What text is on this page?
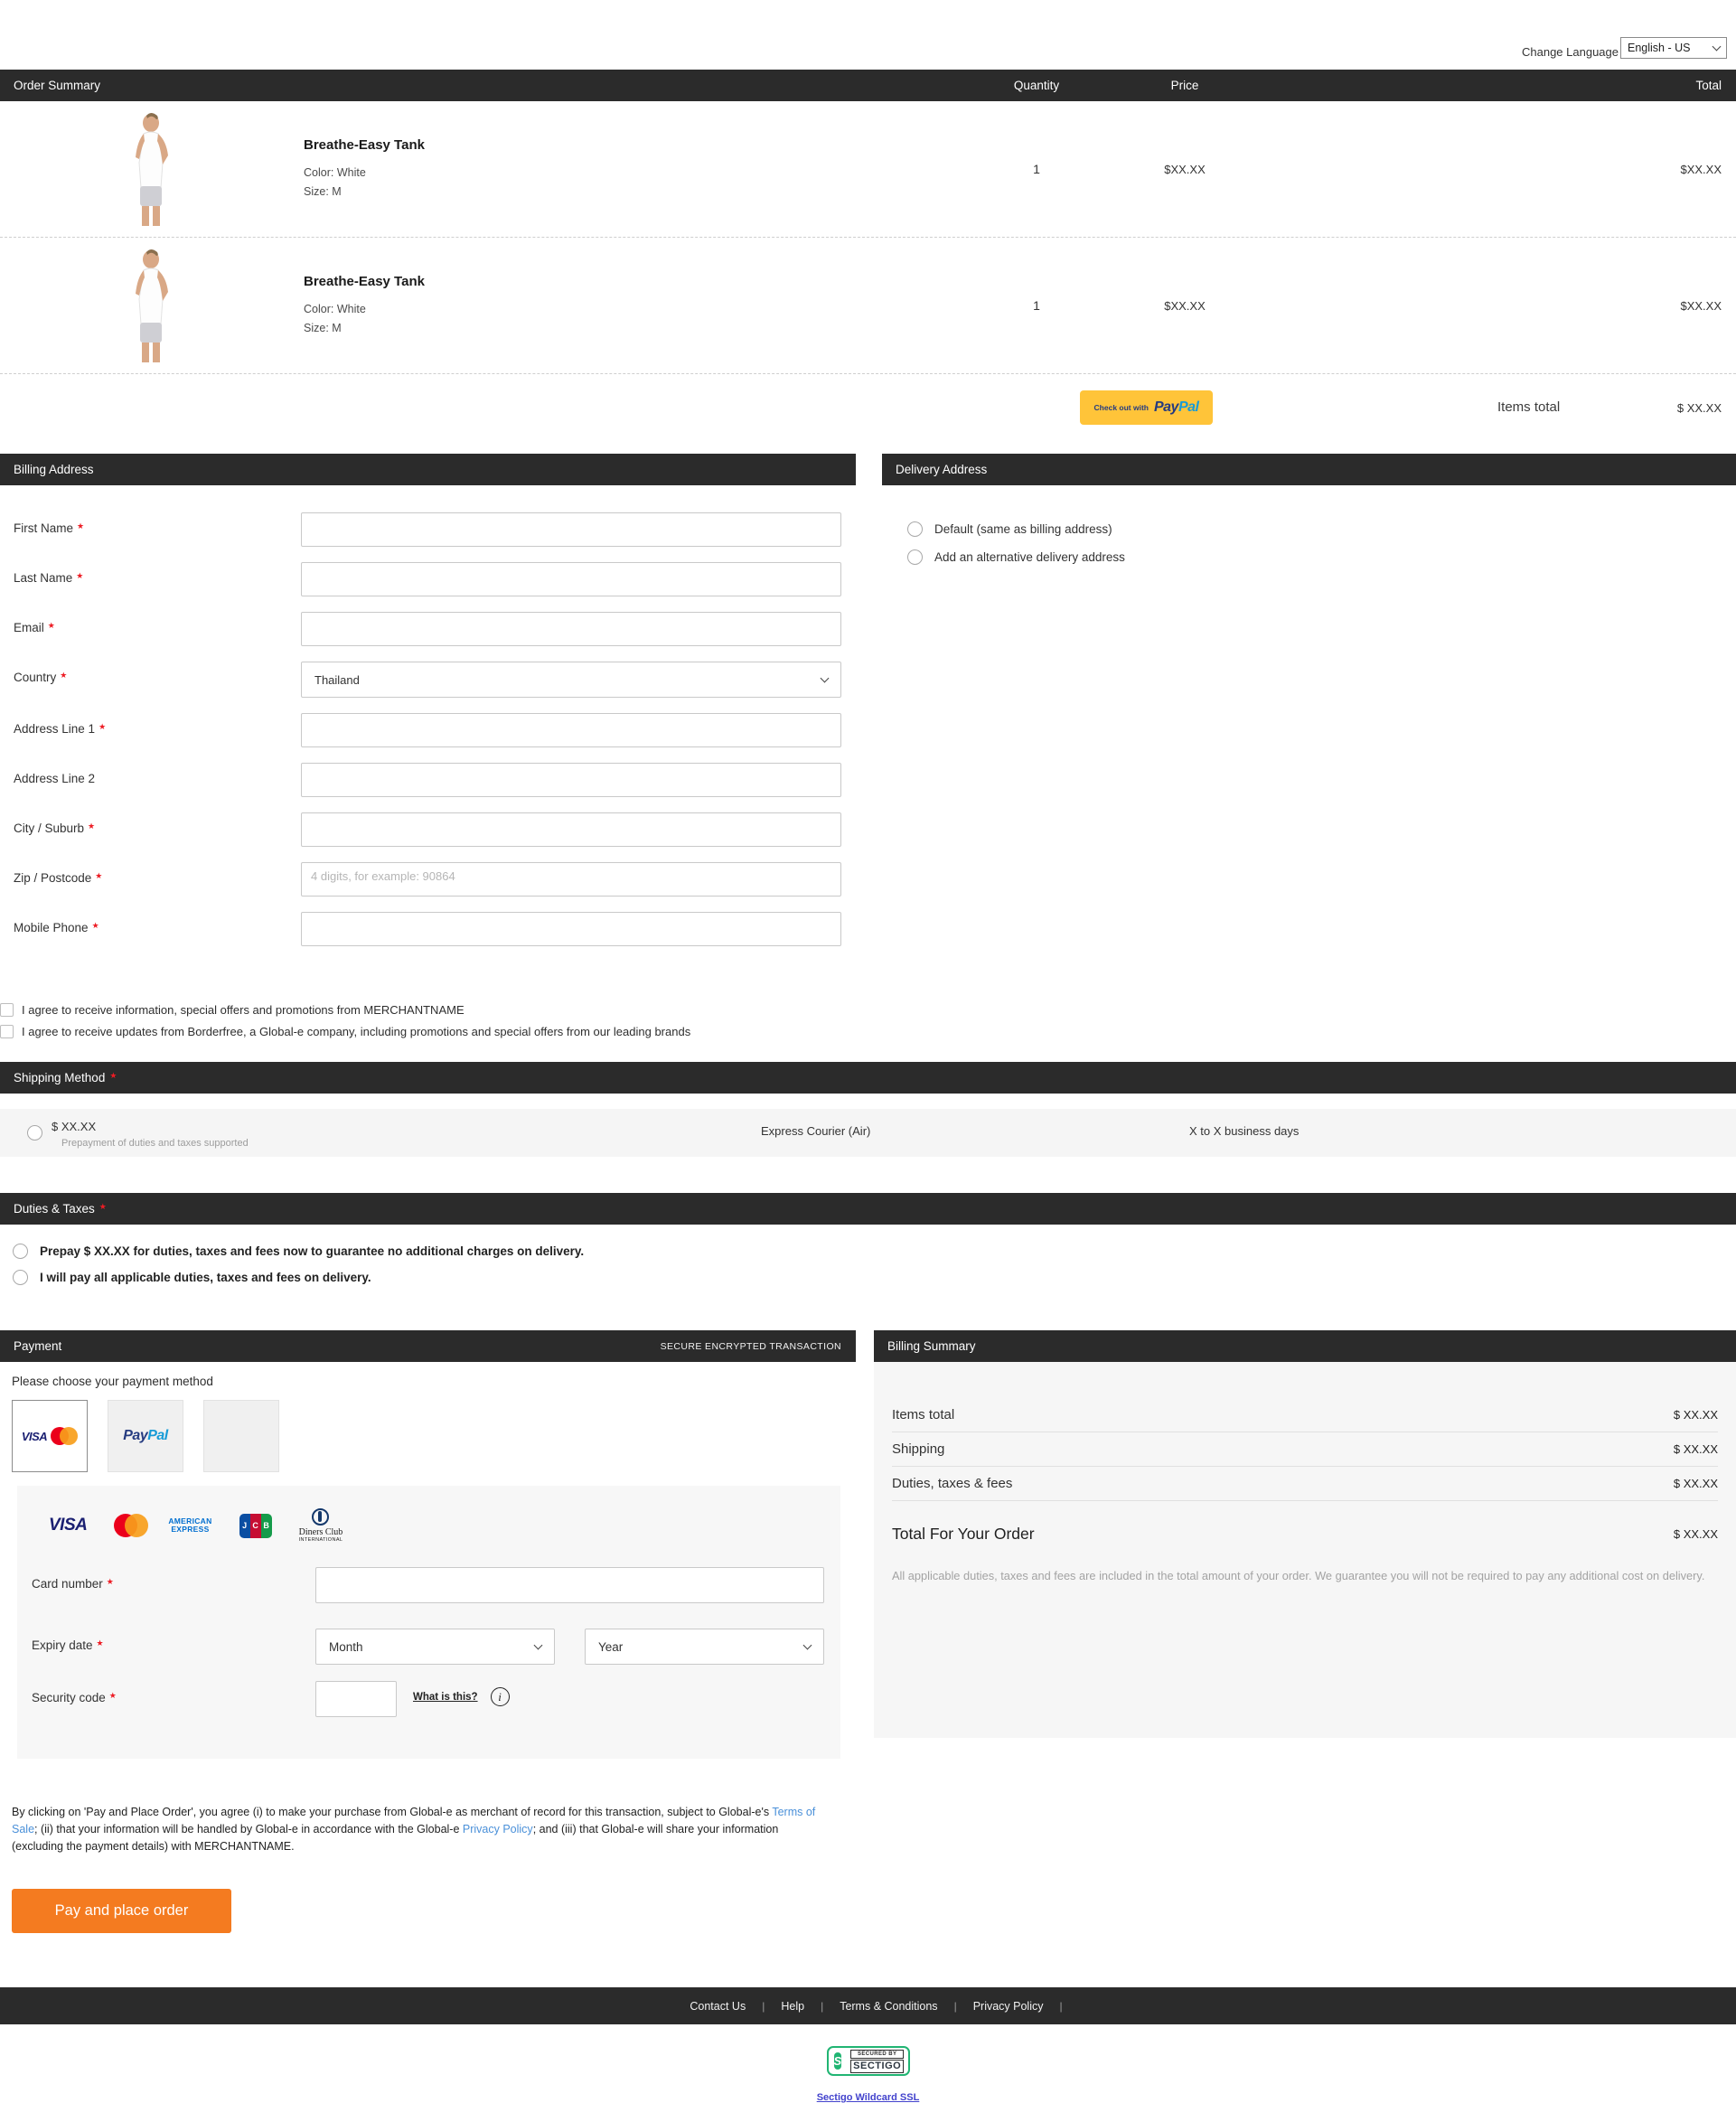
Change Language English - US
Order Summary	Quantity	Price	Total
Breathe-Easy Tank
Color: White
Size: M
1	$XX.XX	$XX.XX
Breathe-Easy Tank
Color: White
Size: M
1	$XX.XX	$XX.XX
Check out with PayPal	Items total	$ XX.XX
Billing Address
First Name ★
Last Name ★
Email ★
Country ★	Thailand
Address Line 1 ★
Address Line 2
City / Suburb ★
Zip / Postcode ★	4 digits, for example: 90864
Mobile Phone ★
Delivery Address
Default (same as billing address)
Add an alternative delivery address
I agree to receive information, special offers and promotions from MERCHANTNAME
I agree to receive updates from Borderfree, a Global-e company, including promotions and special offers from our leading brands
Shipping Method ★
$ XX.XX
Prepayment of duties and taxes supported
Express Courier (Air)	X to X business days
Duties & Taxes ★
Prepay $ XX.XX for duties, taxes and fees now to guarantee no additional charges on delivery.
I will pay all applicable duties, taxes and fees on delivery.
Payment	SECURE ENCRYPTED TRANSACTION
Please choose your payment method
VISA	PayPal
VISA	AMERICAN
EXPRESS	J C B
Diners Club
INTERNATIONAL
Card number ★
Expiry date ★	Month	Year
Security code ★	What is this?	i

By clicking on 'Pay and Place Order', you agree (i) to make your purchase from Global-e as merchant of record for this transaction, subject to Global-e's Terms of Sale; (ii) that your information will be handled by Global-e in accordance with the Global-e Privacy Policy; and (iii) that Global-e will share your information (excluding the payment details) with MERCHANTNAME.

Pay and place order
Billing Summary
Items total	$ XX.XX
Shipping	$ XX.XX
Duties, taxes & fees	$ XX.XX
Total For Your Order	$ XX.XX

All applicable duties, taxes and fees are included in the total amount of your order. We guarantee you will not be required to pay any additional cost on delivery.

Contact Us | Help | Terms & Conditions | Privacy Policy |
S
SECURED BY
SECTIGO
Sectigo Wildcard SSL
